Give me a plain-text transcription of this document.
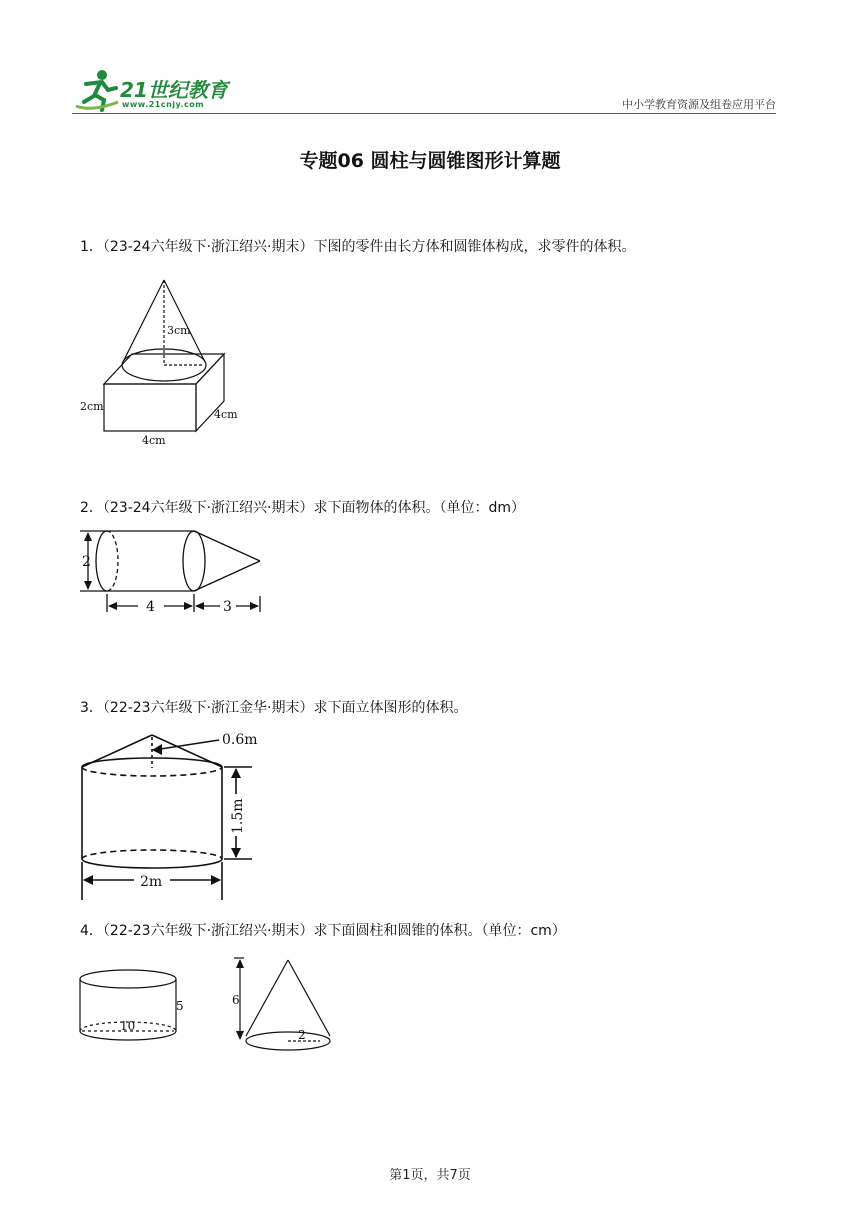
21世纪教育
www.21cnjy.com	中小学教育资源及组卷应用平台
专题06 圆柱与圆锥图形计算题
1．（23-24六年级下·浙江绍兴·期末）下图的零件由长方体和圆锥体构成，求零件的体积。
3cm
2cm
4cm
4cm
2．（23-24六年级下·浙江绍兴·期末）求下面物体的体积。（单位：dm）
2
4	3
3．（22-23六年级下·浙江金华·期末）求下面立体图形的体积。
0.6m
1.5m
2m
4．（22-23六年级下·浙江绍兴·期末）求下面圆柱和圆锥的体积。（单位：cm）
10
5	6
2
第1页，共7页
